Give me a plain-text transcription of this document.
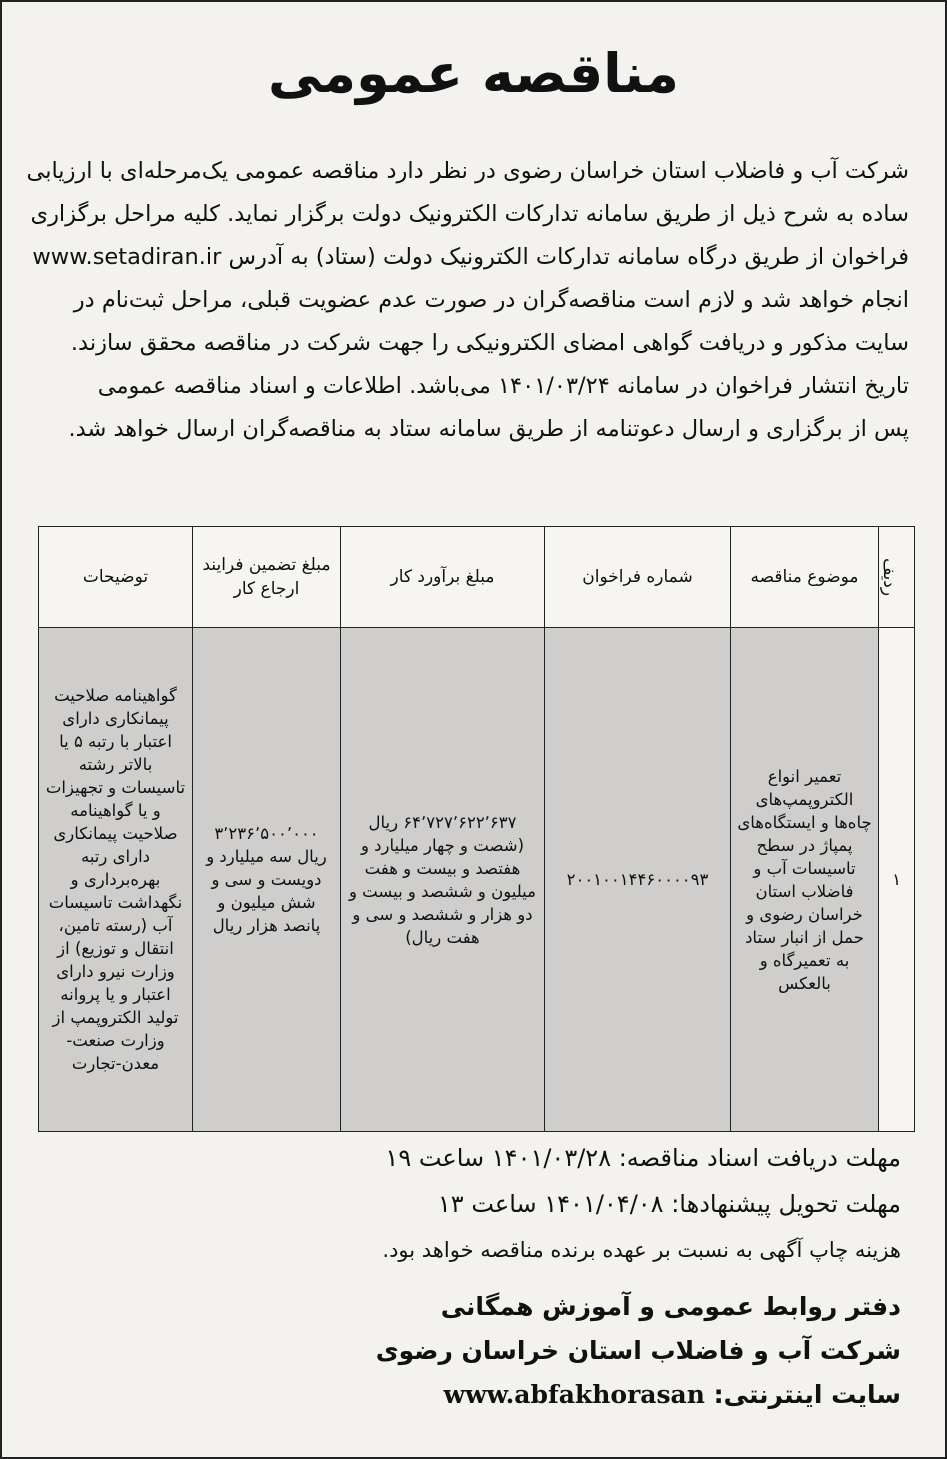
مناقصه عمومی
شرکت آب و فاضلاب استان خراسان رضوی در نظر دارد مناقصه عمومی یک‌مرحله‌ای با ارزیابی
ساده به شرح ذیل از طریق سامانه تدارکات الکترونیک دولت برگزار نماید. کلیه مراحل برگزاری
فراخوان از طریق درگاه سامانه تدارکات الکترونیک دولت (ستاد) به آدرس www.setadiran.ir
انجام خواهد شد و لازم است مناقصه‌گران در صورت عدم عضویت قبلی، مراحل ثبت‌نام در
سایت مذکور و دریافت گواهی امضای الکترونیکی را جهت شرکت در مناقصه محقق سازند.
تاریخ انتشار فراخوان در سامانه ۱۴۰۱/۰۳/۲۴ می‌باشد. اطلاعات و اسناد مناقصه عمومی
پس از برگزاری و ارسال دعوتنامه از طریق سامانه ستاد به مناقصه‌گران ارسال خواهد شد.
ردیف	موضوع مناقصه	شماره فراخوان	مبلغ برآورد کار	مبلغ تضمین فرایند ارجاع کار	توضیحات
۱	تعمیر انواع الکتروپمپ‌های چاه‌ها و ایستگاه‌های پمپاژ در سطح تاسیسات آب و فاضلاب استان خراسان رضوی و حمل از انبار ستاد به تعمیرگاه و بالعکس	۲۰۰۱۰۰۱۴۴۶۰۰۰۰۹۳	۶۴٬۷۲۷٬۶۲۲٬۶۳۷ ریال (شصت و چهار میلیارد و هفتصد و بیست و هفت میلیون و ششصد و بیست و دو هزار و ششصد و سی و هفت ریال)	۳٬۲۳۶٬۵۰۰٬۰۰۰ ریال سه میلیارد و دویست و سی و شش میلیون و پانصد هزار ریال	گواهینامه صلاحیت پیمانکاری دارای اعتبار با رتبه ۵ یا بالاتر رشته تاسیسات و تجهیزات و یا گواهینامه صلاحیت پیمانکاری دارای رتبه بهره‌برداری و نگهداشت تاسیسات آب (رسته تامین، انتقال و توزیع) از وزارت نیرو دارای اعتبار و یا پروانه تولید الکتروپمپ از وزارت صنعت-معدن-تجارت
مهلت دریافت اسناد مناقصه: ۱۴۰۱/۰۳/۲۸ ساعت ۱۹
مهلت تحویل پیشنهادها: ۱۴۰۱/۰۴/۰۸ ساعت ۱۳
هزینه چاپ آگهی به نسبت بر عهده برنده مناقصه خواهد بود.
دفتر روابط عمومی و آموزش همگانی
شرکت آب و فاضلاب استان خراسان رضوی
سایت اینترنتی: www.abfakhorasan
